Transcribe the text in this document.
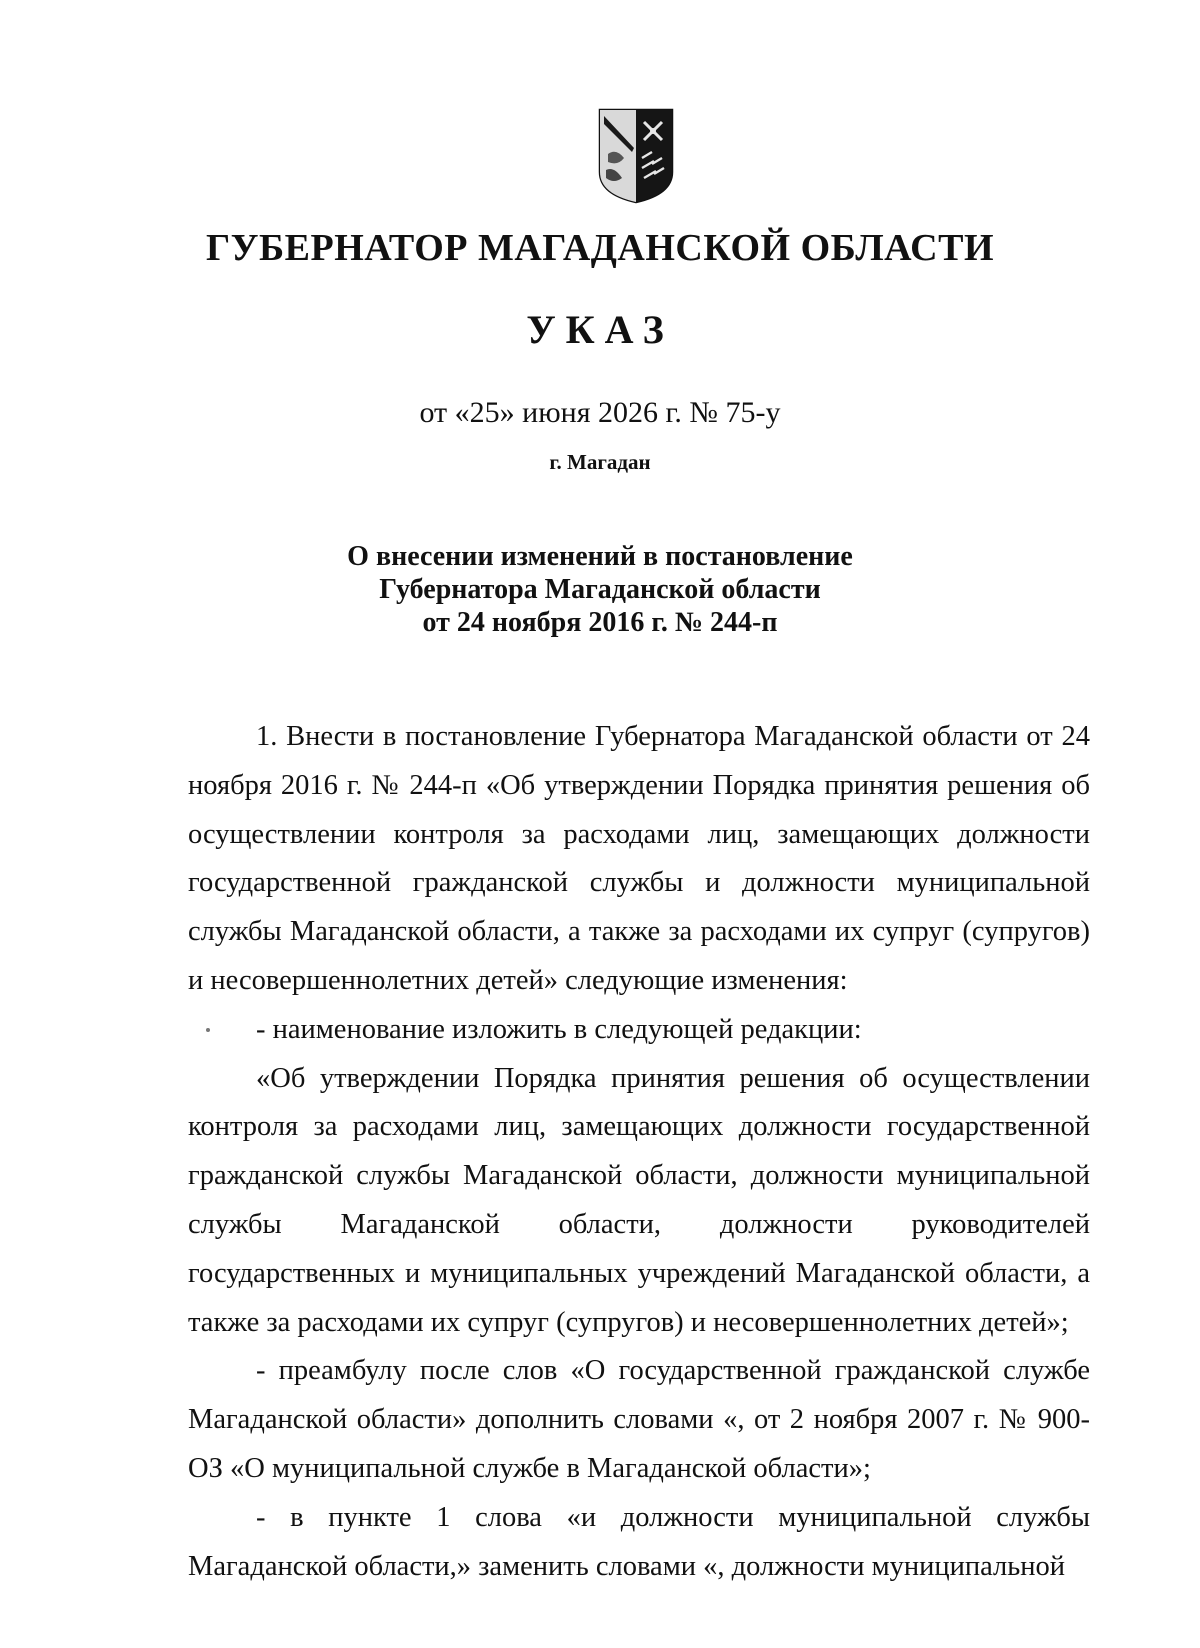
ГУБЕРНАТОР МАГАДАНСКОЙ ОБЛАСТИ
УКАЗ
от «25» июня 2026 г. № 75-у
г. Магадан
О внесении изменений в постановление
Губернатора Магаданской области
от 24 ноября 2016 г. № 244-п

1. Внести в постановление Губернатора Магаданской области от 24 ноября 2016 г. № 244-п «Об утверждении Порядка принятия решения об осуществлении контроля за расходами лиц, замещающих должности государственной гражданской службы и должности муниципальной службы Магаданской области, а также за расходами их супруг (супругов) и несовершеннолетних детей» следующие изменения:

- наименование изложить в следующей редакции:

«Об утверждении Порядка принятия решения об осуществлении контроля за расходами лиц, замещающих должности государственной гражданской службы Магаданской области, должности муниципальной службы Магаданской области, должности руководителей государственных и муниципальных учреждений Магаданской области, а также за расходами их супруг (супругов) и несовершеннолетних детей»;

- преамбулу после слов «О государственной гражданской службе Магаданской области» дополнить словами «, от 2 ноября 2007 г. № 900-ОЗ «О муниципальной службе в Магаданской области»;

- в пункте 1 слова «и должности муниципальной службы Магаданской области,» заменить словами «, должности муниципальной
